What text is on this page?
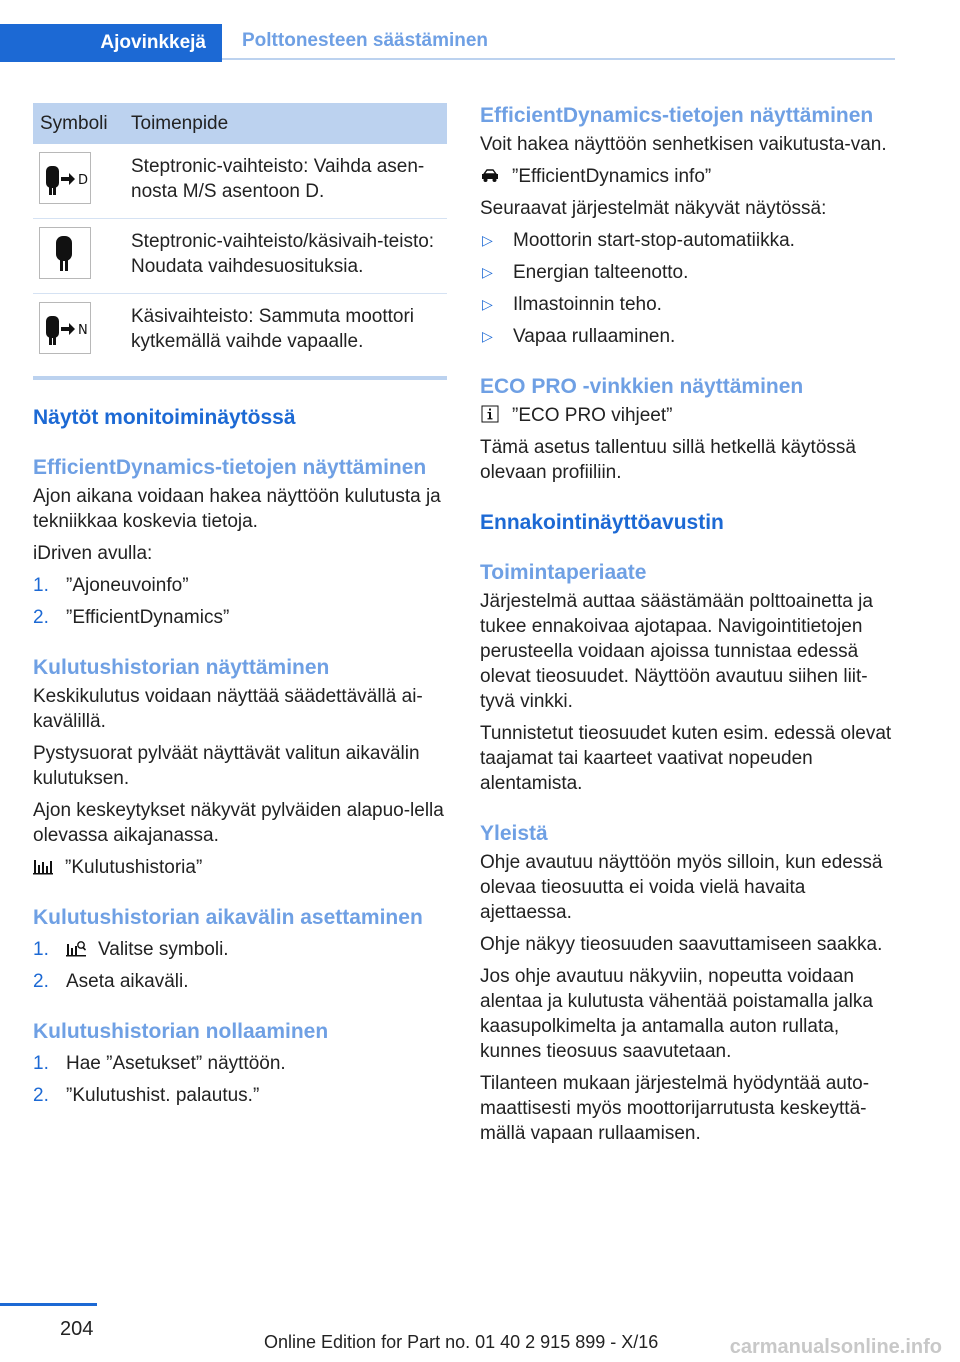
Ajovinkkejä	Polttonesteen säästäminen
Symboli	Toimenpide

D	Steptronic-vaihteisto: Vaihda asen-nosta M/S asentoon D.

	Steptronic-vaihteisto/käsivaih-teisto: Noudata vaihdesuosituksia.

N	Käsivaihteisto: Sammuta moottori kytkemällä vaihde vapaalle.
Näytöt monitoiminäytössä
EfficientDynamics-tietojen näyttäminen

Ajon aikana voidaan hakea näyttöön kulutusta ja tekniikkaa koskevia tietoja.

iDriven avulla:

1. ”Ajoneuvoinfo”
2. ”EfficientDynamics”
Kulutushistorian näyttäminen

Keskikulutus voidaan näyttää säädettävällä ai-kavälillä.

Pystysuorat pylväät näyttävät valitun aikavälin kulutuksen.

Ajon keskeytykset näkyvät pylväiden alapuo-lella olevassa aikajanassa.

”Kulutushistoria”

Kulutushistorian aikavälin asettaminen
1.	Valitse symboli.
2. Aseta aikaväli.
Kulutushistorian nollaaminen
1. Hae ”Asetukset” näyttöön.
2. ”Kulutushist. palautus.”
EfficientDynamics-tietojen näyttäminen

Voit hakea näyttöön senhetkisen vaikutusta-van.

”EfficientDynamics info”

Seuraavat järjestelmät näkyvät näytössä:

▷ Moottorin start-stop-automatiikka.
▷ Energian talteenotto.
▷ Ilmastoinnin teho.
▷ Vapaa rullaaminen.
ECO PRO -vinkkien näyttäminen

”ECO PRO vihjeet”

Tämä asetus tallentuu sillä hetkellä käytössä olevaan profiiliin.

Ennakointinäyttöavustin
Toimintaperiaate

Järjestelmä auttaa säästämään polttoainetta ja tukee ennakoivaa ajotapaa. Navigointitietojen perusteella voidaan ajoissa tunnistaa edessä olevat tieosuudet. Näyttöön avautuu siihen liit-tyvä vinkki.

Tunnistetut tieosuudet kuten esim. edessä olevat taajamat tai kaarteet vaativat nopeuden alentamista.

Yleistä

Ohje avautuu näyttöön myös silloin, kun edessä olevaa tieosuutta ei voida vielä havaita ajettaessa.

Ohje näkyy tieosuuden saavuttamiseen saakka.

Jos ohje avautuu näkyviin, nopeutta voidaan alentaa ja kulutusta vähentää poistamalla jalka kaasupolkimelta ja antamalla auton rullata, kunnes tieosuus saavutetaan.

Tilanteen mukaan järjestelmä hyödyntää auto-maattisesti myös moottorijarrutusta keskeyttä-mällä vapaan rullaamisen.

204
Online Edition for Part no. 01 40 2 915 899 - X/16	carmanualsonline.info
